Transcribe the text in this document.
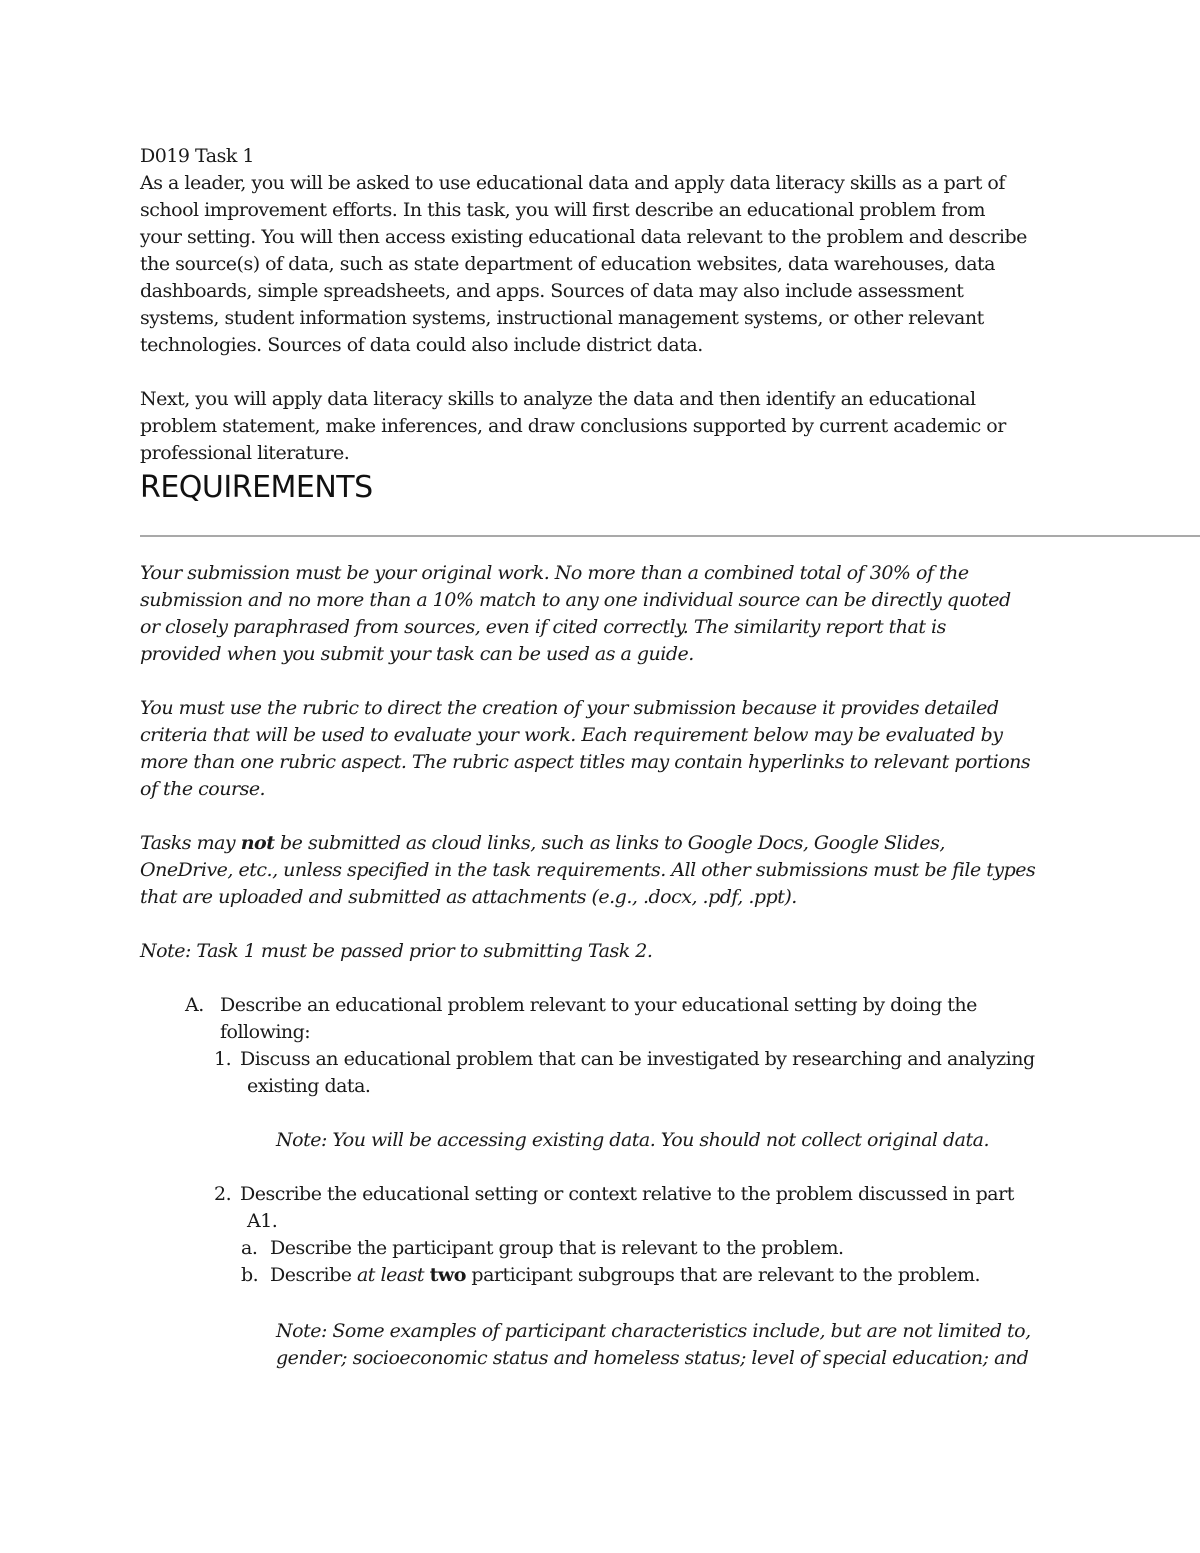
D019 Task 1
As a leader, you will be asked to use educational data and apply data literacy skills as a part of
school improvement efforts. In this task, you will first describe an educational problem from
your setting. You will then access existing educational data relevant to the problem and describe
the source(s) of data, such as state department of education websites, data warehouses, data
dashboards, simple spreadsheets, and apps. Sources of data may also include assessment
systems, student information systems, instructional management systems, or other relevant
technologies. Sources of data could also include district data.
Next, you will apply data literacy skills to analyze the data and then identify an educational
problem statement, make inferences, and draw conclusions supported by current academic or
professional literature.
REQUIREMENTS
Your submission must be your original work. No more than a combined total of 30% of the
submission and no more than a 10% match to any one individual source can be directly quoted
or closely paraphrased from sources, even if cited correctly. The similarity report that is
provided when you submit your task can be used as a guide.
You must use the rubric to direct the creation of your submission because it provides detailed
criteria that will be used to evaluate your work. Each requirement below may be evaluated by
more than one rubric aspect. The rubric aspect titles may contain hyperlinks to relevant portions
of the course.
Tasks may not be submitted as cloud links, such as links to Google Docs, Google Slides,
OneDrive, etc., unless specified in the task requirements. All other submissions must be file types
that are uploaded and submitted as attachments (e.g., .docx, .pdf, .ppt).
Note: Task 1 must be passed prior to submitting Task 2.
A. Describe an educational problem relevant to your educational setting by doing the
following:
1. Discuss an educational problem that can be investigated by researching and analyzing
existing data.
Note: You will be accessing existing data. You should not collect original data.
2. Describe the educational setting or context relative to the problem discussed in part
A1.
a. Describe the participant group that is relevant to the problem.
b. Describe at least two participant subgroups that are relevant to the problem.
Note: Some examples of participant characteristics include, but are not limited to,
gender; socioeconomic status and homeless status; level of special education; and
